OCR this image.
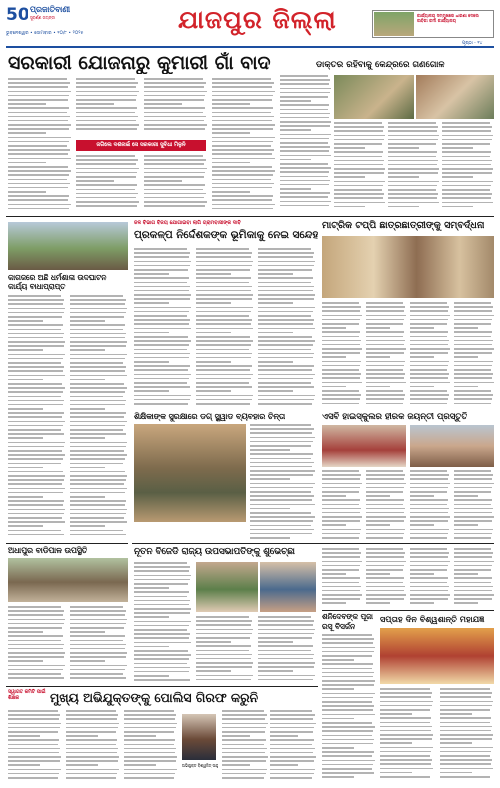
50 ପ୍ରଜାତିବାଣୀ
ସୁବର୍ଣ୍ଣ ଜୟନ୍ତୀ
ଭୁବନେଶ୍ୱର • ସୋମବାର • ୧୦/୮ • ୨୦୨୫	ଯାଜପୁର ଜିଲ୍ଲା	କାର୍ଯ୍ୟାଳୟ ସମ୍ମୁଖରେ ଧାରଣା ଦେଲେ ଜୀବିକା କର୍ମୀ କାର୍ଯ୍ୟାଳୟ
ପୃଷ୍ଠା - ୧୪
ସରକାରୀ ଯୋଜନାରୁ କୁମାରୀ ଗାଁ ବାଦ	ଡାକ୍ତର ରହିବାକୁ କେନ୍ଦ୍ରରେ ଗଣଗୋଳ
ଜଗିଲେ ଦଶନାଇଁ ସେ ସରକାରୀ ସୁବିଧା ମିଳୁନି
କାଗଜରେ ଅଛି ଧର୍ମଶାଳା ଉଦଘାଟନ କାର୍ଯ୍ୟ ବାଧାପ୍ରାପ୍ତ
ଜଳ ବିଭାଗ ବିଜୟ ଯୋଗାଇବା ଲାଗି ଗ୍ରାମବାସୀଙ୍କ ଦାବି
ପ୍ରକଳ୍ପ ନିର୍ଦ୍ଦେଶକଙ୍କ ଭୂମିକାକୁ ନେଇ ସନ୍ଦେହ
ମାଟ୍ରିକ ଟପ୍ପି ଛାତ୍ରଛାତ୍ରୀଙ୍କୁ ସମ୍ବର୍ଦ୍ଧନା
ଶିକ୍ଷିକାଙ୍କ ସୁରକ୍ଷାରେ ଡଗ୍ ସ୍କ୍ୱାଡ ବ୍ୟବହାର ଚିନ୍ତା	ଏସବି ହାଇସ୍କୁଲର ହୀରକ ଜୟନ୍ତୀ ପ୍ରସ୍ତୁତି
ଅଧାପୁର ବାଡିପାଳ ଉପସ୍ଥିତି	ନୂତନ ବିଜେଡି ରାଜ୍ୟ ଉପସଭାପତିଙ୍କୁ ଶୁଭେଚ୍ଛା
ଶନିଦେବଙ୍କ ପୂଜା
ରସୂ ବିସର୍ଜନ
ସପ୍ତାହ ଦିନ ବିଶ୍ୱଶାନ୍ତି ମହାଯଜ୍ଞ
ସ୍ୱାଗତ କମିଟି ପାଇଁ ଶିକ୍ଷକ	ମୁଖ୍ୟ ଅଭିଯୁକ୍ତଙ୍କୁ ପୋଲିସ ଗିରଫ କରୁନି
ଅଭିଯୁକ୍ତ ବିଶ୍ୱଜିତ୍ ସାହୁ
